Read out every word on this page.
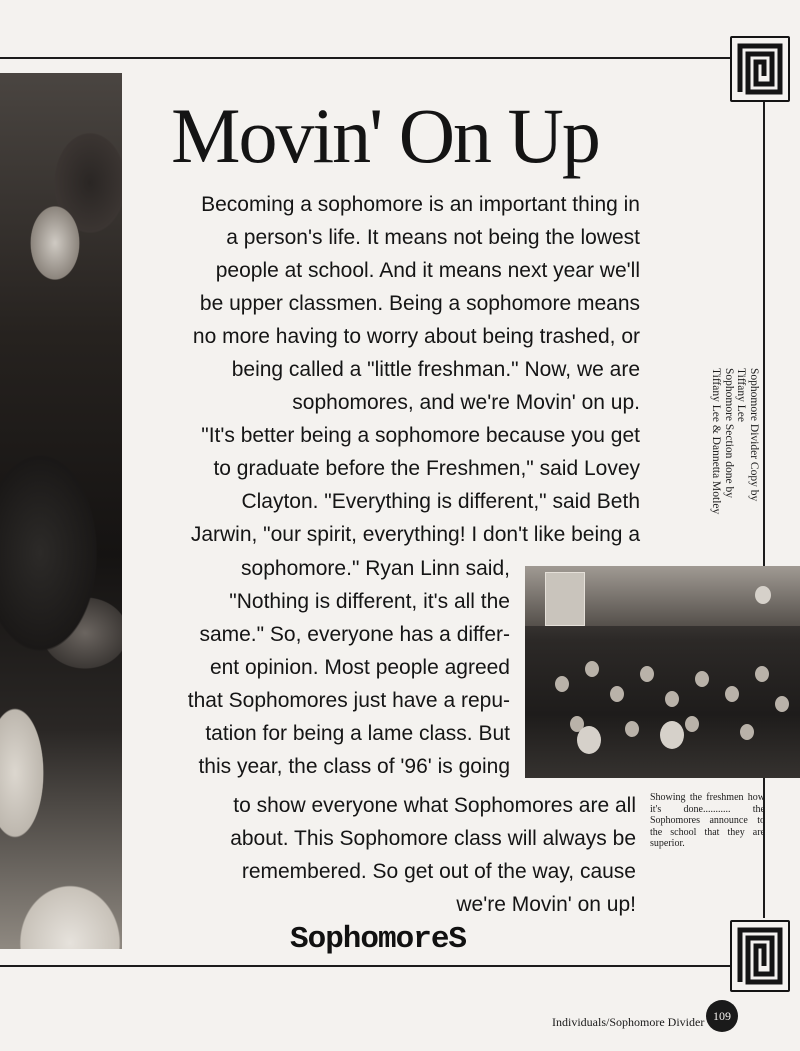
Movin' On Up
Becoming a sophomore is an important thing in
a person's life. It means not being the lowest
people at school. And it means next year we'll
be upper classmen. Being a sophomore means
no more having to worry about being trashed, or
being called a "little freshman." Now, we are
sophomores, and we're Movin' on up.
"It's better being a sophomore because you get
to graduate before the Freshmen," said Lovey
Clayton. "Everything is different," said Beth
Jarwin, "our spirit, everything! I don't like being a
sophomore." Ryan Linn said,
"Nothing is different, it's all the
same." So, everyone has a differ-
ent opinion. Most people agreed
that Sophomores just have a repu-
tation for being a lame class. But
this year, the class of '96' is going
to show everyone what Sophomores are all
about. This Sophomore class will always be
remembered. So get out of the way, cause
we're Movin' on up!
Showing the freshmen how it's done........... the Sophomores announce to the school that they are superior.
Sophomore Divider Copy by
Tiffany Lee
Sophomore Section done by
Tiffany Lee & Dannetta Motley
SophomoreS
Individuals/Sophomore Divider 109
